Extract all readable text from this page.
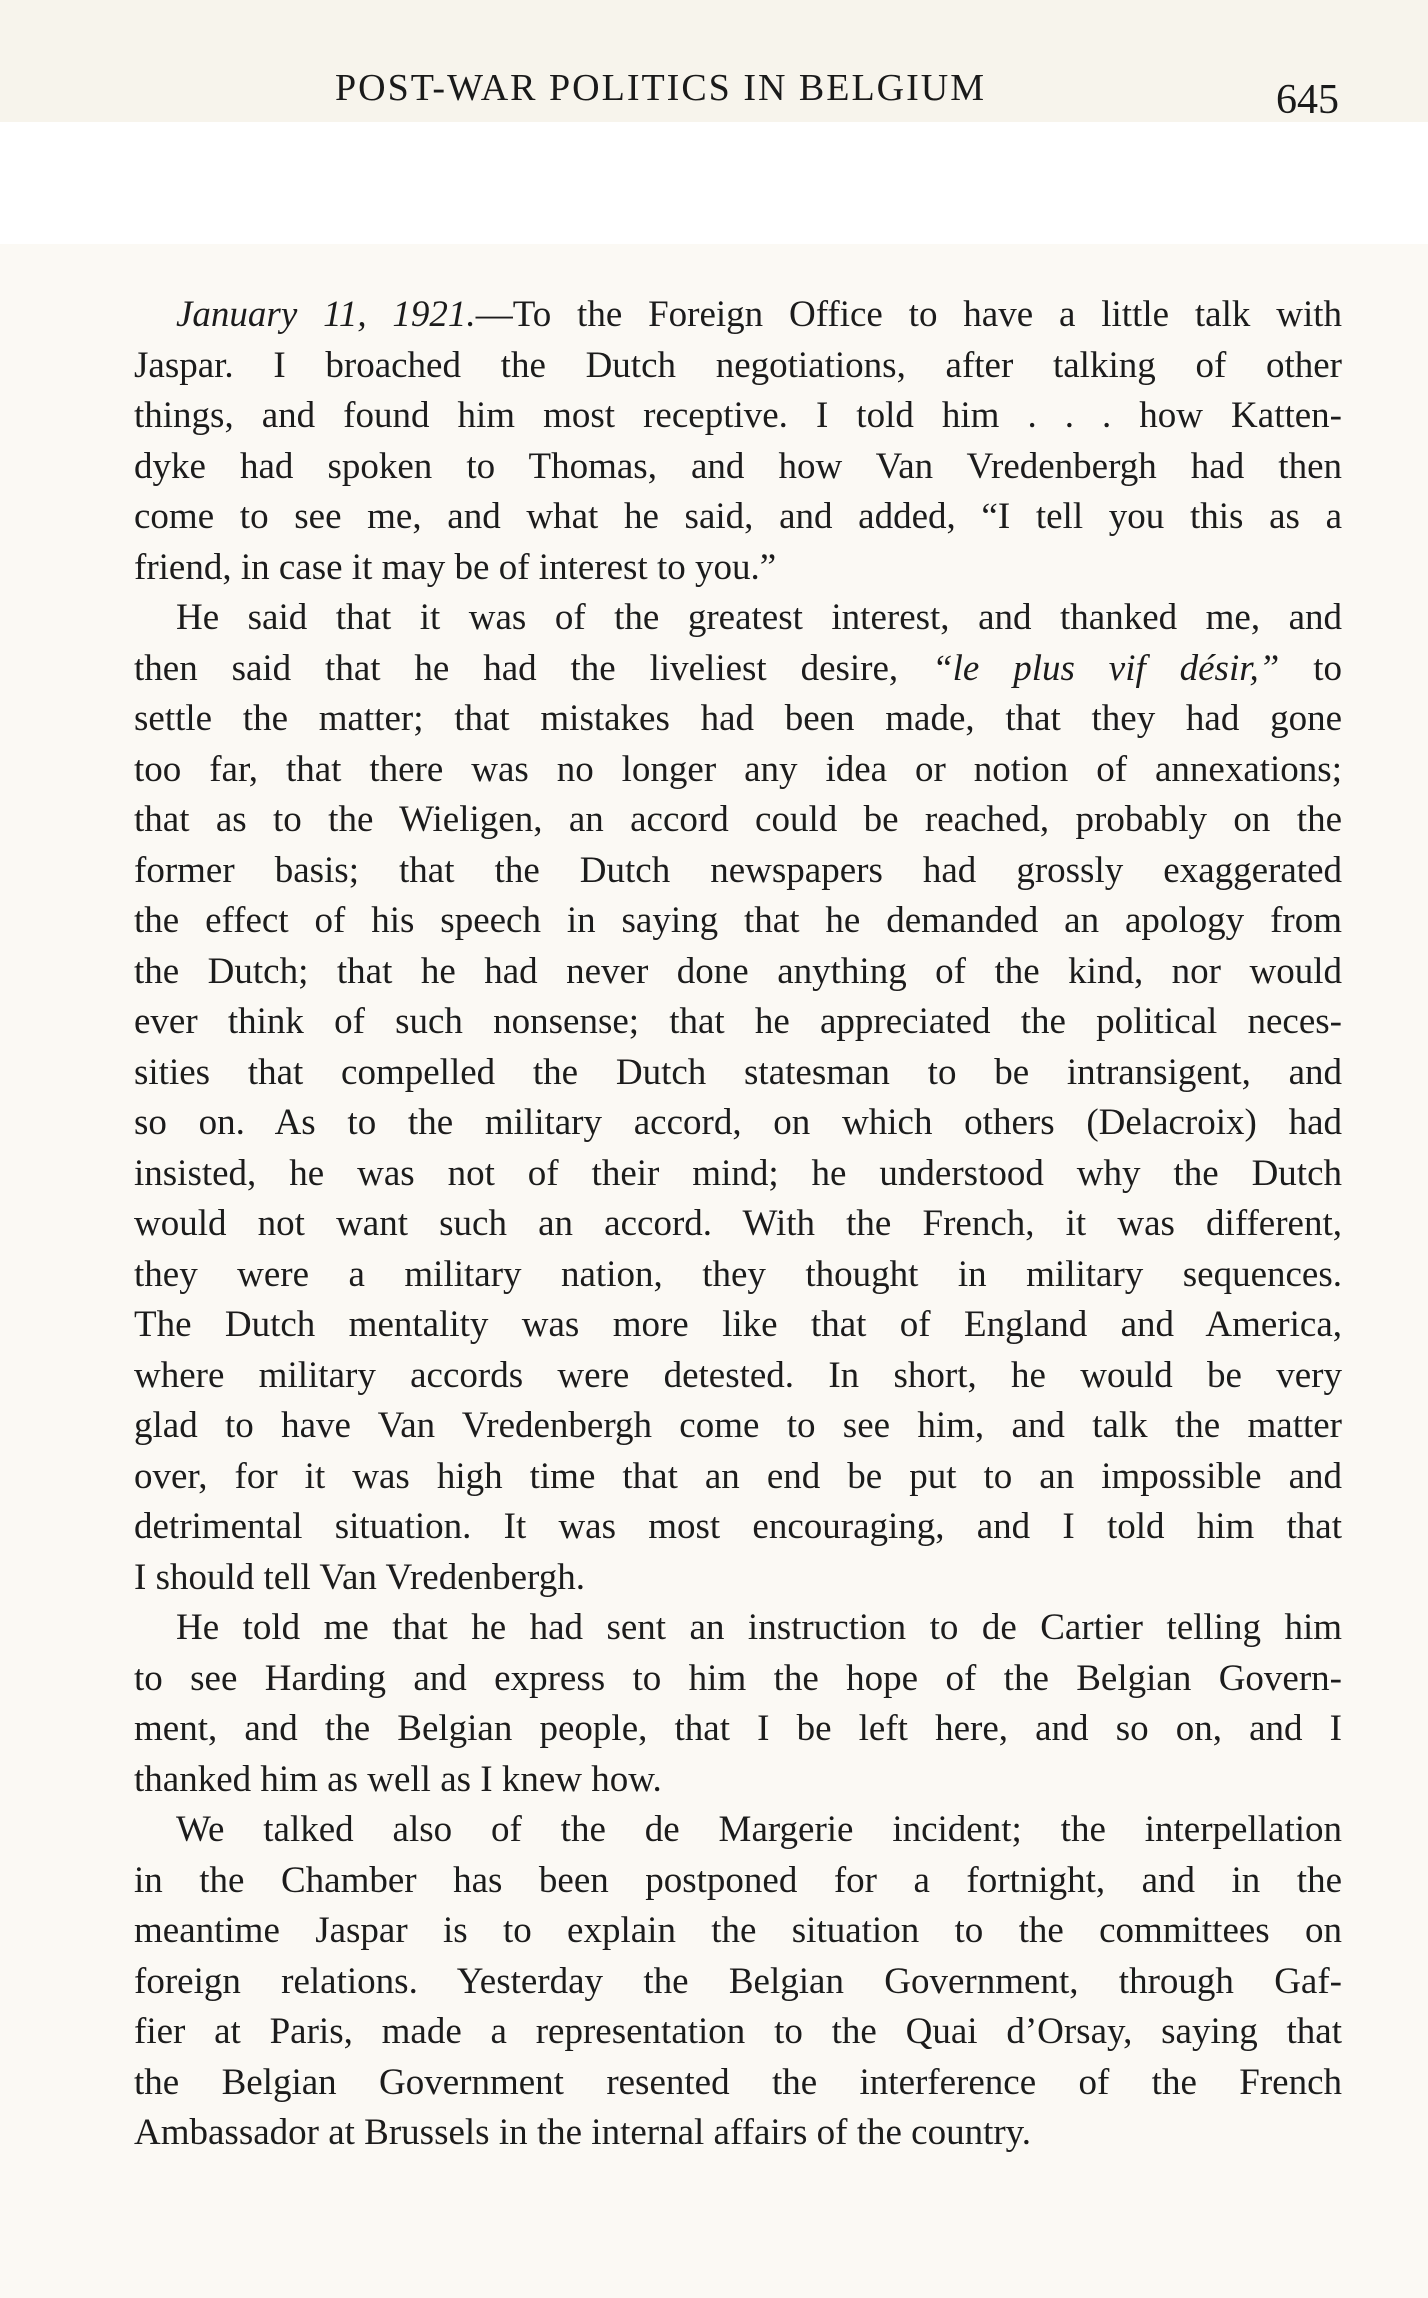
POST-WAR POLITICS IN BELGIUM	645

January 11, 1921.—To the Foreign Office to have a little talk with
Jaspar. I broached the Dutch negotiations, after talking of other
things, and found him most receptive. I told him . . . how Katten-
dyke had spoken to Thomas, and how Van Vredenbergh had then
come to see me, and what he said, and added, “I tell you this as a
friend, in case it may be of interest to you.”

He said that it was of the greatest interest, and thanked me, and
then said that he had the liveliest desire, “le plus vif désir,” to
settle the matter; that mistakes had been made, that they had gone
too far, that there was no longer any idea or notion of annexations;
that as to the Wieligen, an accord could be reached, probably on the
former basis; that the Dutch newspapers had grossly exaggerated
the effect of his speech in saying that he demanded an apology from
the Dutch; that he had never done anything of the kind, nor would
ever think of such nonsense; that he appreciated the political neces-
sities that compelled the Dutch statesman to be intransigent, and
so on. As to the military accord, on which others (Delacroix) had
insisted, he was not of their mind; he understood why the Dutch
would not want such an accord. With the French, it was different,
they were a military nation, they thought in military sequences.
The Dutch mentality was more like that of England and America,
where military accords were detested. In short, he would be very
glad to have Van Vredenbergh come to see him, and talk the matter
over, for it was high time that an end be put to an impossible and
detrimental situation. It was most encouraging, and I told him that
I should tell Van Vredenbergh.

He told me that he had sent an instruction to de Cartier telling him
to see Harding and express to him the hope of the Belgian Govern-
ment, and the Belgian people, that I be left here, and so on, and I
thanked him as well as I knew how.

We talked also of the de Margerie incident; the interpellation
in the Chamber has been postponed for a fortnight, and in the
meantime Jaspar is to explain the situation to the committees on
foreign relations. Yesterday the Belgian Government, through Gaf-
fier at Paris, made a representation to the Quai d’Orsay, saying that
the Belgian Government resented the interference of the French
Ambassador at Brussels in the internal affairs of the country.
